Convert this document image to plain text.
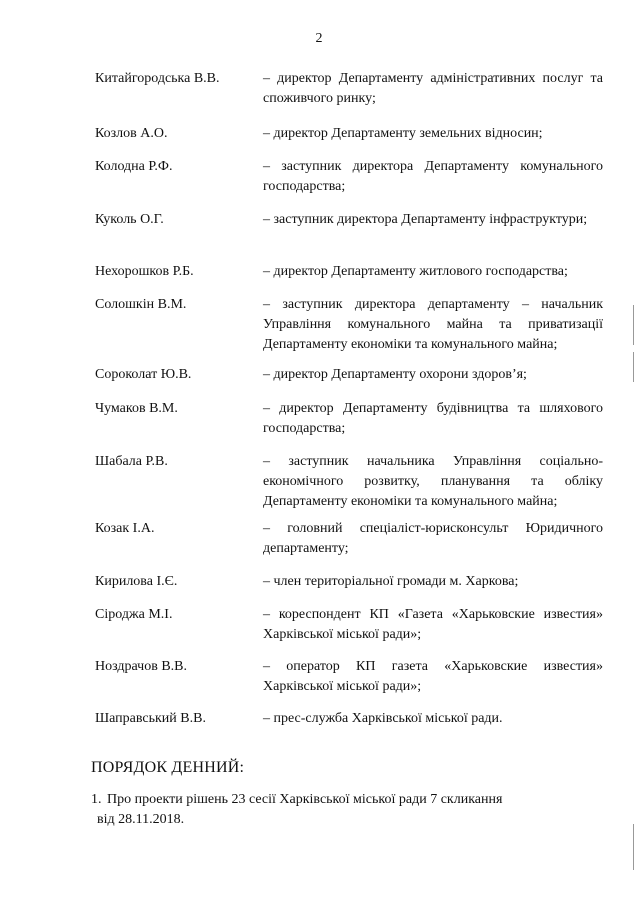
2
Китайгородська В.В.	– директор Департаменту адміністративних послуг та споживчого ринку;
Козлов А.О.	– директор Департаменту земельних відносин;
Колодна Р.Ф.	– заступник директора Департаменту комунального господарства;
Куколь О.Г.	– заступник директора Департаменту інфраструктури;
Нехорошков Р.Б.	– директор Департаменту житлового господарства;
Солошкін В.М.	– заступник директора департаменту – начальник Управління комунального майна та приватизації Департаменту економіки та комунального майна;
Сороколат Ю.В.	– директор Департаменту охорони здоров’я;
Чумаков В.М.	– директор Департаменту будівництва та шляхового господарства;
Шабала Р.В.	– заступник начальника Управління соціально-економічного розвитку, планування та обліку Департаменту економіки та комунального майна;
Козак І.А.	– головний спеціаліст-юрисконсульт Юридичного департаменту;
Кирилова І.Є.	– член територіальної громади м. Харкова;
Сіроджа М.І.	– кореспондент КП «Газета «Харьковские известия» Харківської міської ради»;
Ноздрачов В.В.	– оператор КП газета «Харьковские известия» Харківської міської ради»;
Шаправський В.В.	– прес-служба Харківської міської ради.
ПОРЯДОК ДЕННИЙ:
1. Про проекти рішень 23 сесії Харківської міської ради 7 скликання
від 28.11.2018.
